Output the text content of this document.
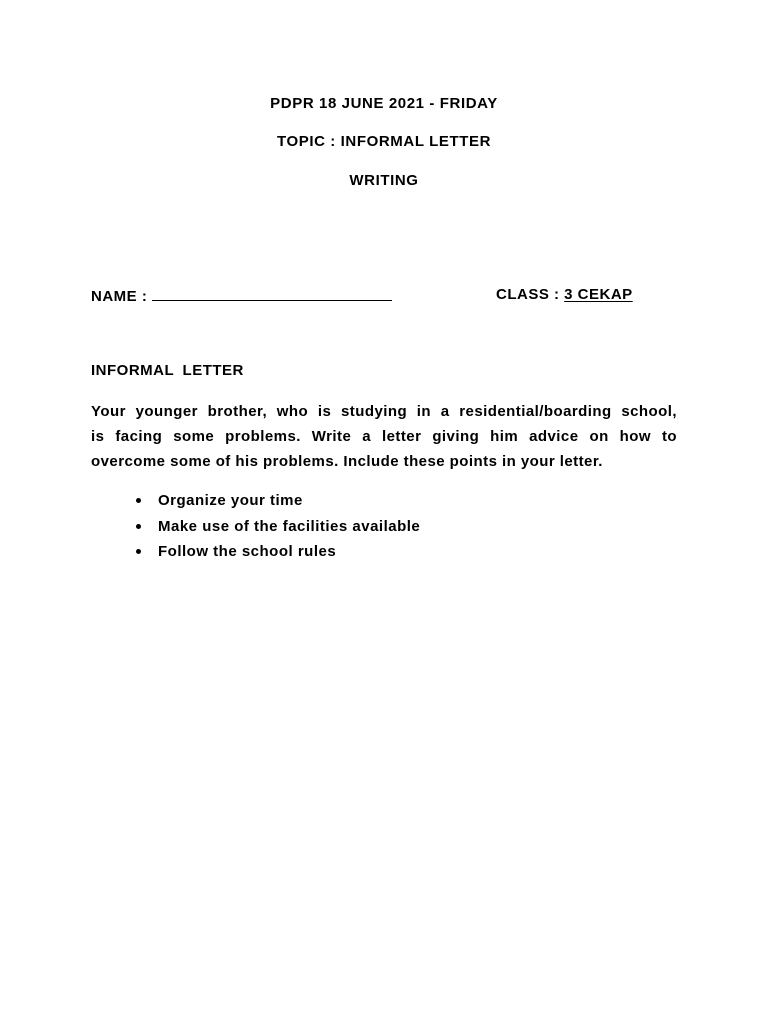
PDPR 18 JUNE 2021 - FRIDAY
TOPIC : INFORMAL LETTER
WRITING
NAME :	CLASS : 3 CEKAP
INFORMAL LETTER
Your younger brother, who is studying in a residential/boarding school,
is facing some problems. Write a letter giving him advice on how to
overcome some of his problems. Include these points in your letter.
Organize your time
Make use of the facilities available
Follow the school rules
